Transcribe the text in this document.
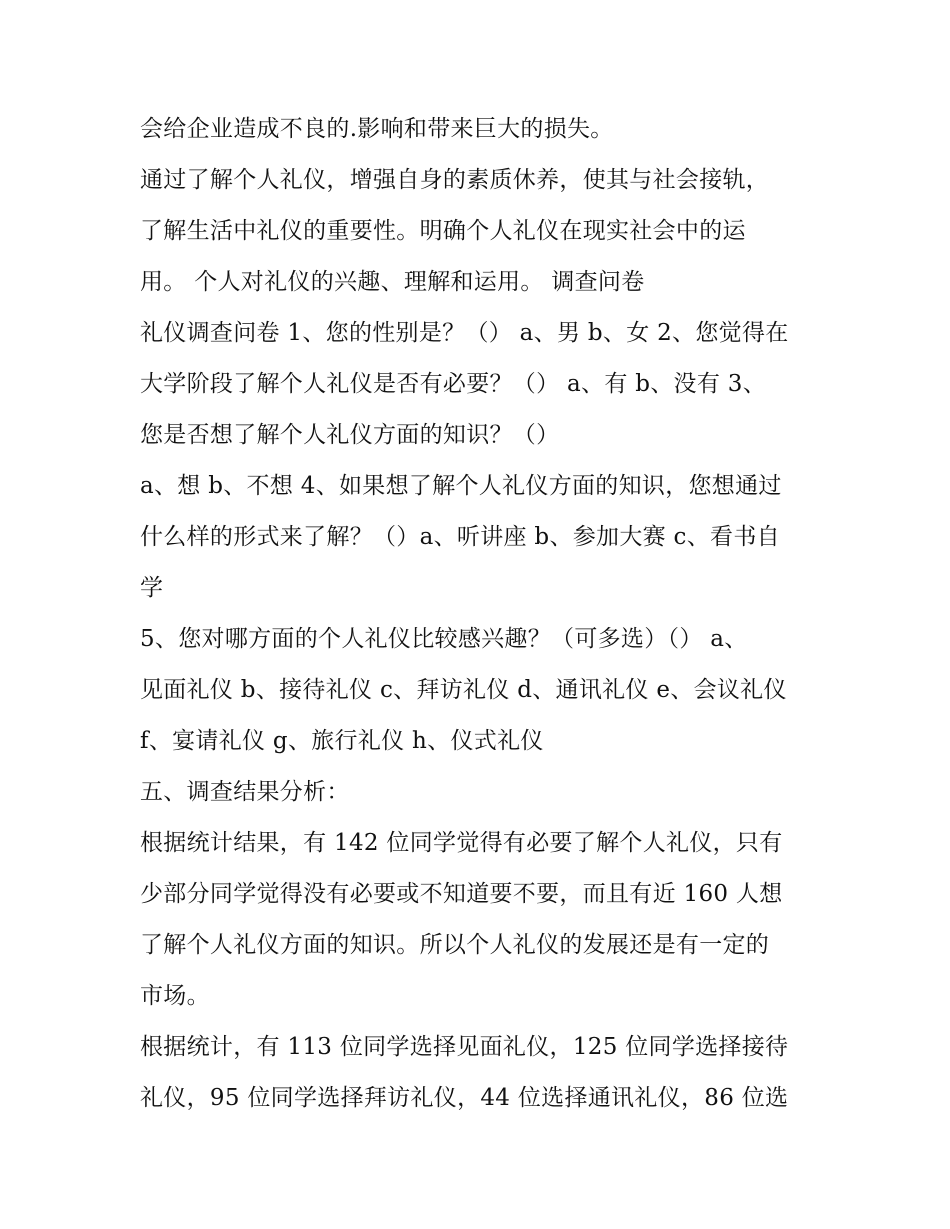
会给企业造成不良的.影响和带来巨大的损失。

通过了解个人礼仪，增强自身的素质休养，使其与社会接轨，

了解生活中礼仪的重要性。明确个人礼仪在现实社会中的运

用。 个人对礼仪的兴趣、理解和运用。 调查问卷

礼仪调查问卷 1、您的性别是？（） a、男 b、女 2、您觉得在

大学阶段了解个人礼仪是否有必要？（） a、有 b、没有 3、

您是否想了解个人礼仪方面的知识？（）

a、想 b、不想 4、如果想了解个人礼仪方面的知识，您想通过

什么样的形式来了解？（）a、听讲座 b、参加大赛 c、看书自

学

5、您对哪方面的个人礼仪比较感兴趣？（可多选）（） a、

见面礼仪 b、接待礼仪 c、拜访礼仪 d、通讯礼仪 e、会议礼仪

f、宴请礼仪 g、旅行礼仪 h、仪式礼仪

五、调查结果分析：

根据统计结果，有 142 位同学觉得有必要了解个人礼仪，只有

少部分同学觉得没有必要或不知道要不要，而且有近 160 人想

了解个人礼仪方面的知识。所以个人礼仪的发展还是有一定的

市场。

根据统计，有 113 位同学选择见面礼仪，125 位同学选择接待

礼仪，95 位同学选择拜访礼仪，44 位选择通讯礼仪，86 位选
